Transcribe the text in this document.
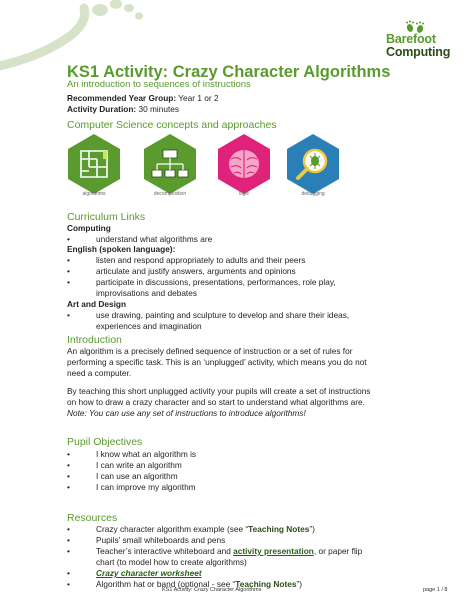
Barefoot
Computing
KS1 Activity: Crazy Character Algorithms
An introduction to sequences of instructions
Recommended Year Group: Year 1 or 2
Activity Duration: 30 minutes
Computer Science concepts and approaches
algorithms	decomposition	logic	debugging
Curriculum Links
Computing
•	understand what algorithms are
English (spoken language):
•	listen and respond appropriately to adults and their peers
•	articulate and justify answers, arguments and opinions
•	participate in discussions, presentations, performances, role play,
improvisations and debates
Art and Design
•	use drawing, painting and sculpture to develop and share their ideas,
experiences and imagination
Introduction
An algorithm is a precisely defined sequence of instruction or a set of rules for
performing a specific task. This is an ‘unplugged’ activity, which means you do not
need a computer.
By teaching this short unplugged activity your pupils will create a set of instructions
on how to draw a crazy character and so start to understand what algorithms are.
Note: You can use any set of instructions to introduce algorithms!
Pupil Objectives
•	I know what an algorithm is
•	I can write an algorithm
•	I can use an algorithm
•	I can improve my algorithm
Resources
•	Crazy character algorithm example (see “Teaching Notes”)
•	Pupils’ small whiteboards and pens
•	Teacher’s interactive whiteboard and activity presentation, or paper flip
chart (to model how to create algorithms)
•	Crazy character worksheet
•	Algorithm hat or band (optional - see “Teaching Notes”)
KS1 Activity: Crazy Character Algorithms	page 1 / 8
